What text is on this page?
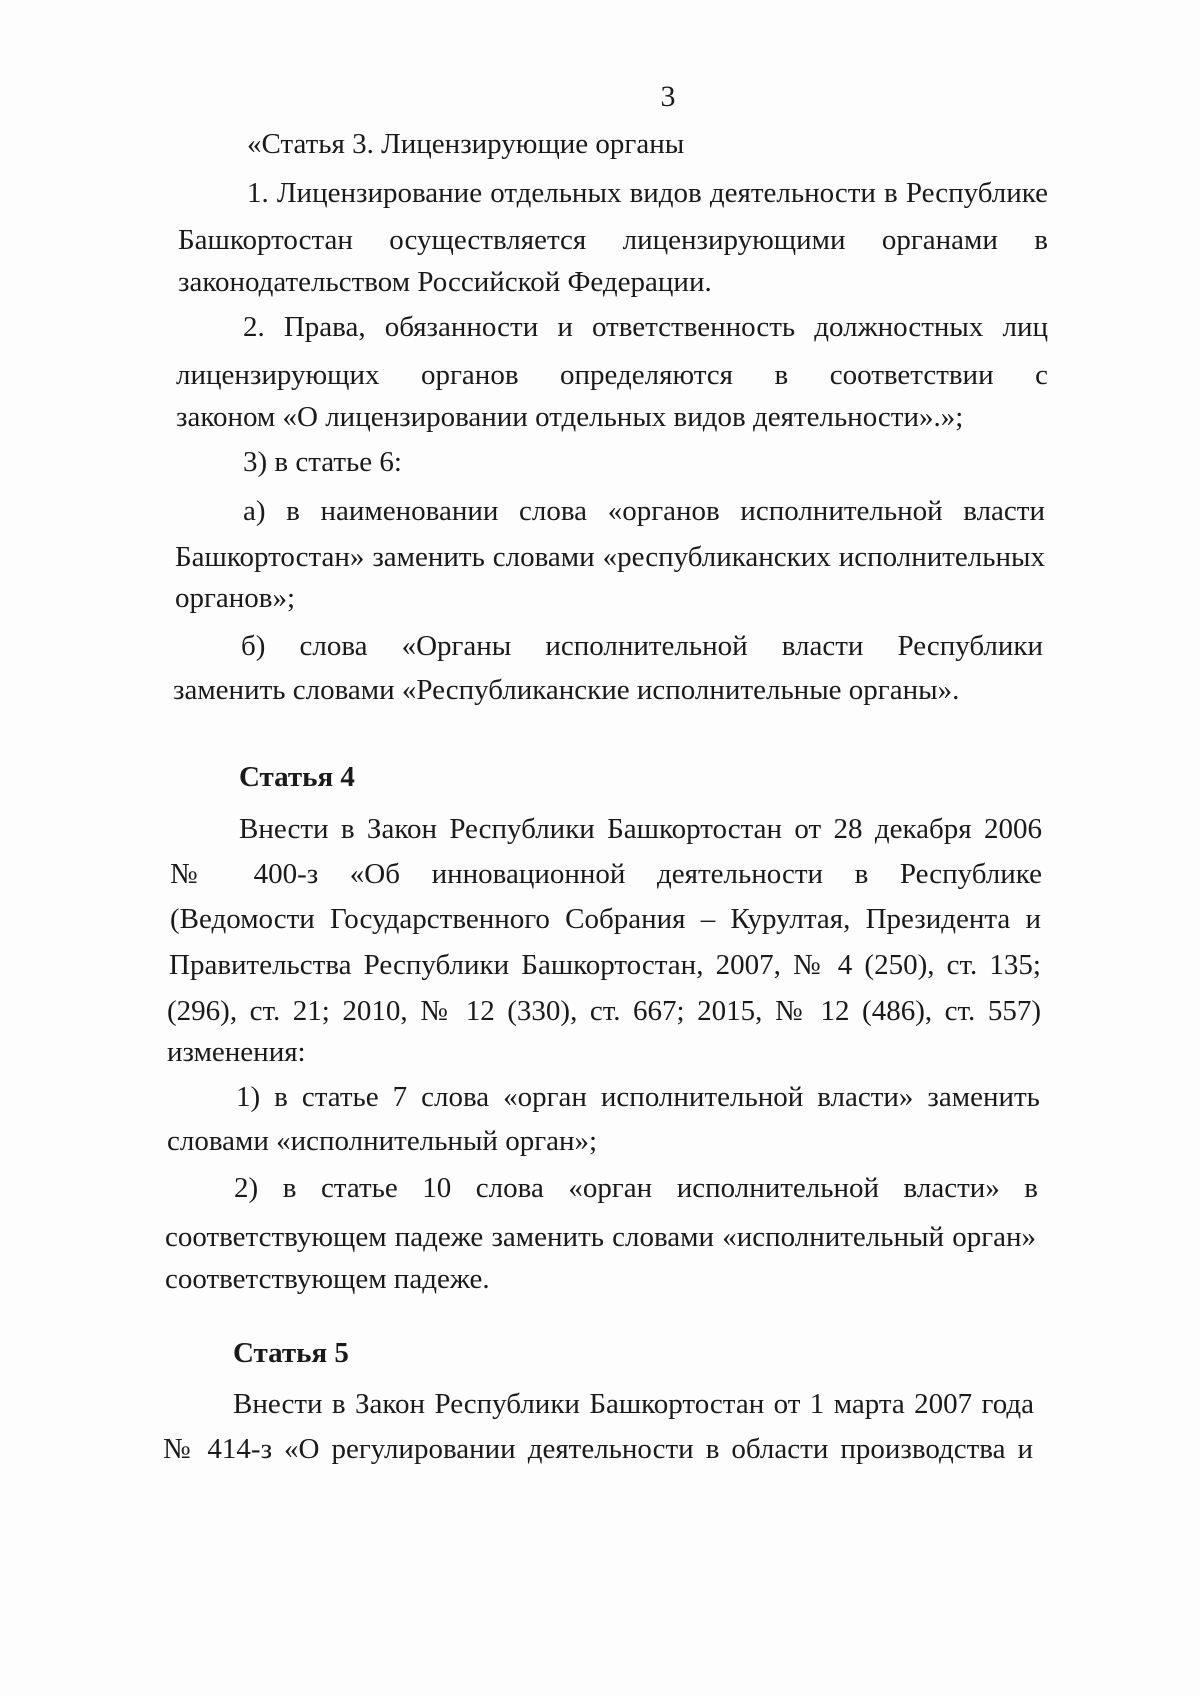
3
«Статья 3. Лицензирующие органы
1. Лицензирование отдельных видов деятельности в Республике
Башкортостан осуществляется лицензирующими органами в
законодательством Российской Федерации.
2. Права, обязанности и ответственность должностных лиц
лицензирующих органов определяются в соответствии с
законом «О лицензировании отдельных видов деятельности».»;
3) в статье 6:
а) в наименовании слова «органов исполнительной власти
Башкортостан» заменить словами «республиканских исполнительных
органов»;
б) слова «Органы исполнительной власти Республики
заменить словами «Республиканские исполнительные органы».
Статья 4
Внести в Закон Республики Башкортостан от 28 декабря 2006
№ 400-з «Об инновационной деятельности в Республике
(Ведомости Государственного Собрания – Курултая, Президента и
Правительства Республики Башкортостан, 2007, № 4 (250), ст. 135;
(296), ст. 21; 2010, № 12 (330), ст. 667; 2015, № 12 (486), ст. 557)
изменения:
1) в статье 7 слова «орган исполнительной власти» заменить
словами «исполнительный орган»;
2) в статье 10 слова «орган исполнительной власти» в
соответствующем падеже заменить словами «исполнительный орган»
соответствующем падеже.
Статья 5
Внести в Закон Республики Башкортостан от 1 марта 2007 года
№ 414-з «О регулировании деятельности в области производства и
